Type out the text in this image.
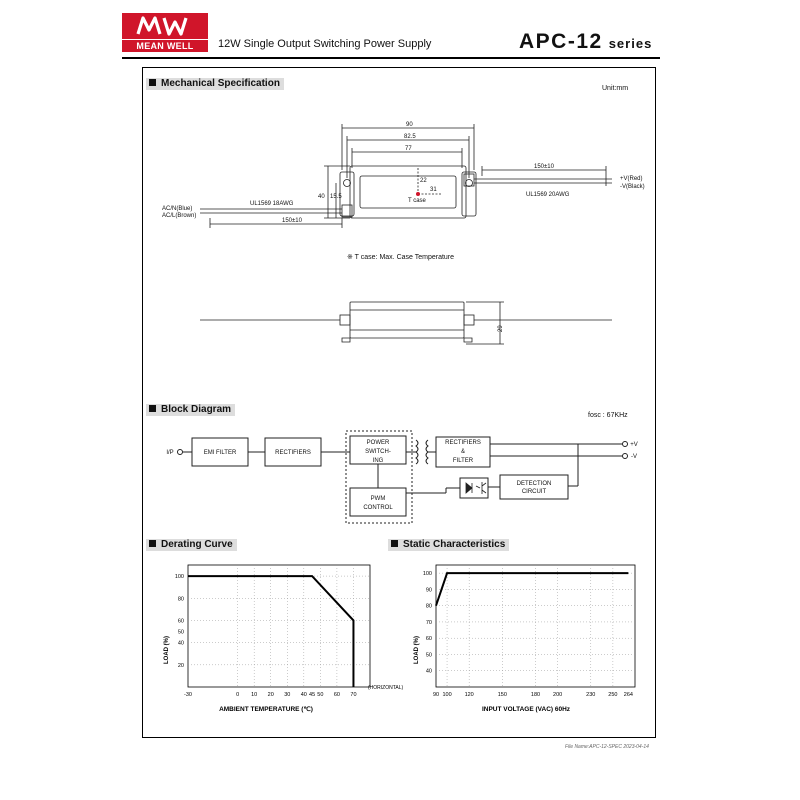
MEAN WELL	12W Single Output Switching Power Supply	APC-12 series
Mechanical Specification	Unit:mm
Block Diagram
fosc : 67KHz
Derating Curve	Static Characteristics
90
82.5
77
40 15.5
31
22
T case
150±10
+V(Red)
-V(Black)
UL1569 20AWG
AC/N(Blue)
AC/L(Brown)
UL1569 18AWG
150±10
29
I/P	EMI FILTER	RECTIFIERS
POWER
SWITCH-
ING
RECTIFIERS
&
FILTER
PWM
CONTROL
DETECTION
CIRCUIT
+V
-V
※ T case: Max. Case Temperature
-30	0 10 20 30 40 45 50 60 70
100
80
60
50
40
20
LOAD (%)
AMBIENT TEMPERATURE (℃)
(HORIZONTAL)
90 100 120	150	180 200	230 250 264
100
90
80
70
60
50
40
LOAD (%)
INPUT VOLTAGE (VAC) 60Hz
File Name:APC-12-SPEC 2023-04-14
